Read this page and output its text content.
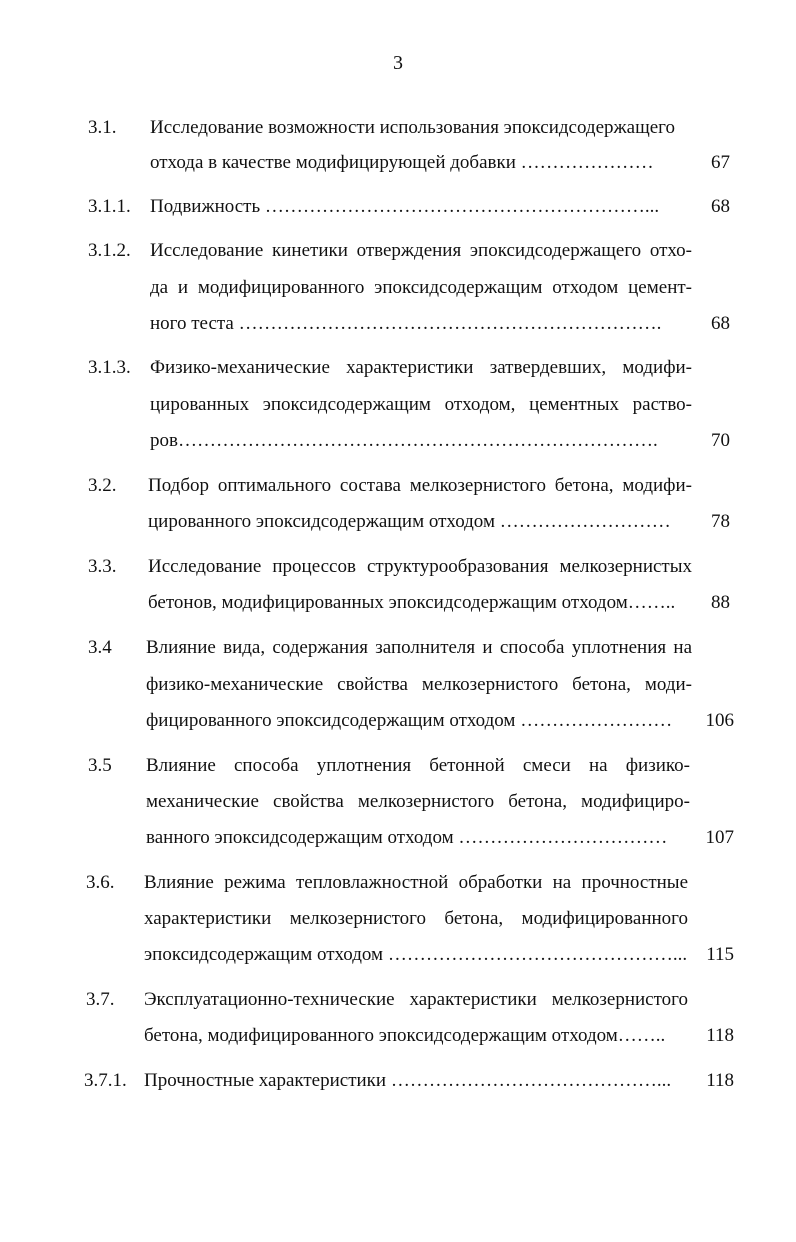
3
3.1. Исследование возможности использования эпоксидсодержащего
отхода в качестве модифицирующей добавки …………………	67
3.1.1. Подвижность ……………………………………………………...	68
3.1.2. Исследование кинетики отверждения эпоксидсодержащего отхо-
да и модифицированного эпоксидсодержащим отходом цемент-
ного теста ………………………………………………………….	68
3.1.3. Физико-механические характеристики затвердевших, модифи-
цированных эпоксидсодержащим отходом, цементных раство-
ров………………………………………………………………….	70
3.2. Подбор оптимального состава мелкозернистого бетона, модифи-
цированного эпоксидсодержащим отходом ……………………… 78
3.3. Исследование процессов структурообразования мелкозернистых
бетонов, модифицированных эпоксидсодержащим отходом…….. 88
3.4 Влияние вида, содержания заполнителя и способа уплотнения на
физико-механические свойства мелкозернистого бетона, моди-
фицированного эпоксидсодержащим отходом …………………… 106
3.5 Влияние способа уплотнения бетонной смеси на физико-
механические свойства мелкозернистого бетона, модифициро-
ванного эпоксидсодержащим отходом …………………………… 107
3.6. Влияние режима тепловлажностной обработки на прочностные
характеристики мелкозернистого бетона, модифицированного
эпоксидсодержащим отходом ………………………………………... 115
3.7. Эксплуатационно-технические характеристики мелкозернистого
бетона, модифицированного эпоксидсодержащим отходом…….. 118
3.7.1. Прочностные характеристики ……………………………………... 118
